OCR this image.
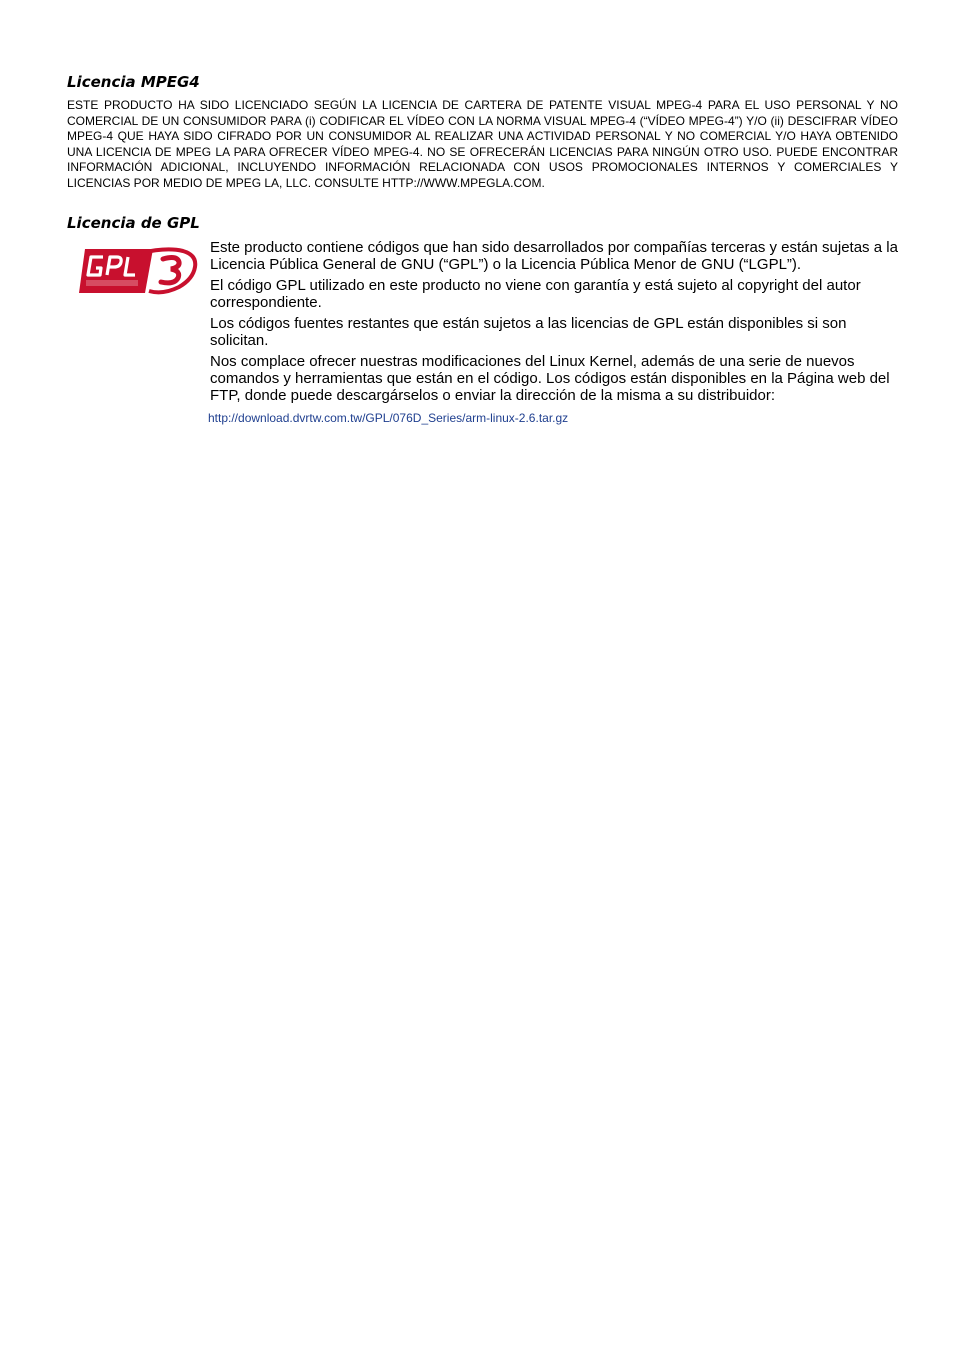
Licencia MPEG4

ESTE PRODUCTO HA SIDO LICENCIADO SEGÚN LA LICENCIA DE CARTERA DE PATENTE VISUAL MPEG-4 PARA EL USO PERSONAL Y NO COMERCIAL DE UN CONSUMIDOR PARA (i) CODIFICAR EL VÍDEO CON LA NORMA VISUAL MPEG-4 (“VÍDEO MPEG-4”) Y/O (ii) DESCIFRAR VÍDEO MPEG-4 QUE HAYA SIDO CIFRADO POR UN CONSUMIDOR AL REALIZAR UNA ACTIVIDAD PERSONAL Y NO COMERCIAL Y/O HAYA OBTENIDO UNA LICENCIA DE MPEG LA PARA OFRECER VÍDEO MPEG-4. NO SE OFRECERÁN LICENCIAS PARA NINGÚN OTRO USO. PUEDE ENCONTRAR INFORMACIÓN ADICIONAL, INCLUYENDO INFORMACIÓN RELACIONADA CON USOS PROMOCIONALES INTERNOS Y COMERCIALES Y LICENCIAS POR MEDIO DE MPEG LA, LLC. CONSULTE HTTP://WWW.MPEGLA.COM.

Licencia de GPL

Este producto contiene códigos que han sido desarrollados por compañías terceras y están sujetas a la Licencia Pública General de GNU (“GPL”) o la Licencia Pública Menor de GNU (“LGPL”).

El código GPL utilizado en este producto no viene con garantía y está sujeto al copyright del autor correspondiente.

Los códigos fuentes restantes que están sujetos a las licencias de GPL están disponibles si son solicitan.

Nos complace ofrecer nuestras modificaciones del Linux Kernel, además de una serie de nuevos comandos y herramientas que están en el código. Los códigos están disponibles en la Página web del FTP, donde puede descargárselos o enviar la dirección de la misma a su distribuidor:

http://download.dvrtw.com.tw/GPL/076D_Series/arm-linux-2.6.tar.gz
